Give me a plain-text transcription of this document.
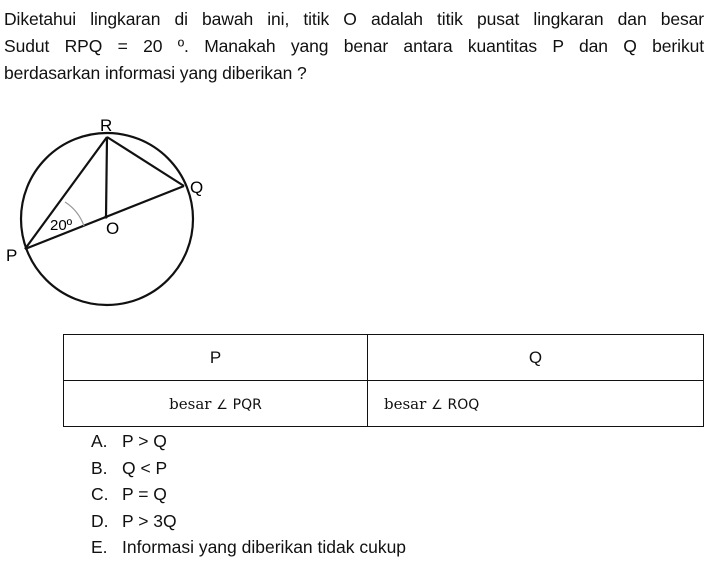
Diketahui lingkaran di bawah ini, titik O adalah titik pusat lingkaran dan besar
Sudut RPQ = 20 º. Manakah yang benar antara kuantitas P dan Q berikut
berdasarkan informasi yang diberikan ?
R
Q
O
P
20º
P	Q
besar ∠ PQR	besar ∠ ROQ
A. P > Q
B. Q < P
C. P = Q
D. P > 3Q
E. Informasi yang diberikan tidak cukup
